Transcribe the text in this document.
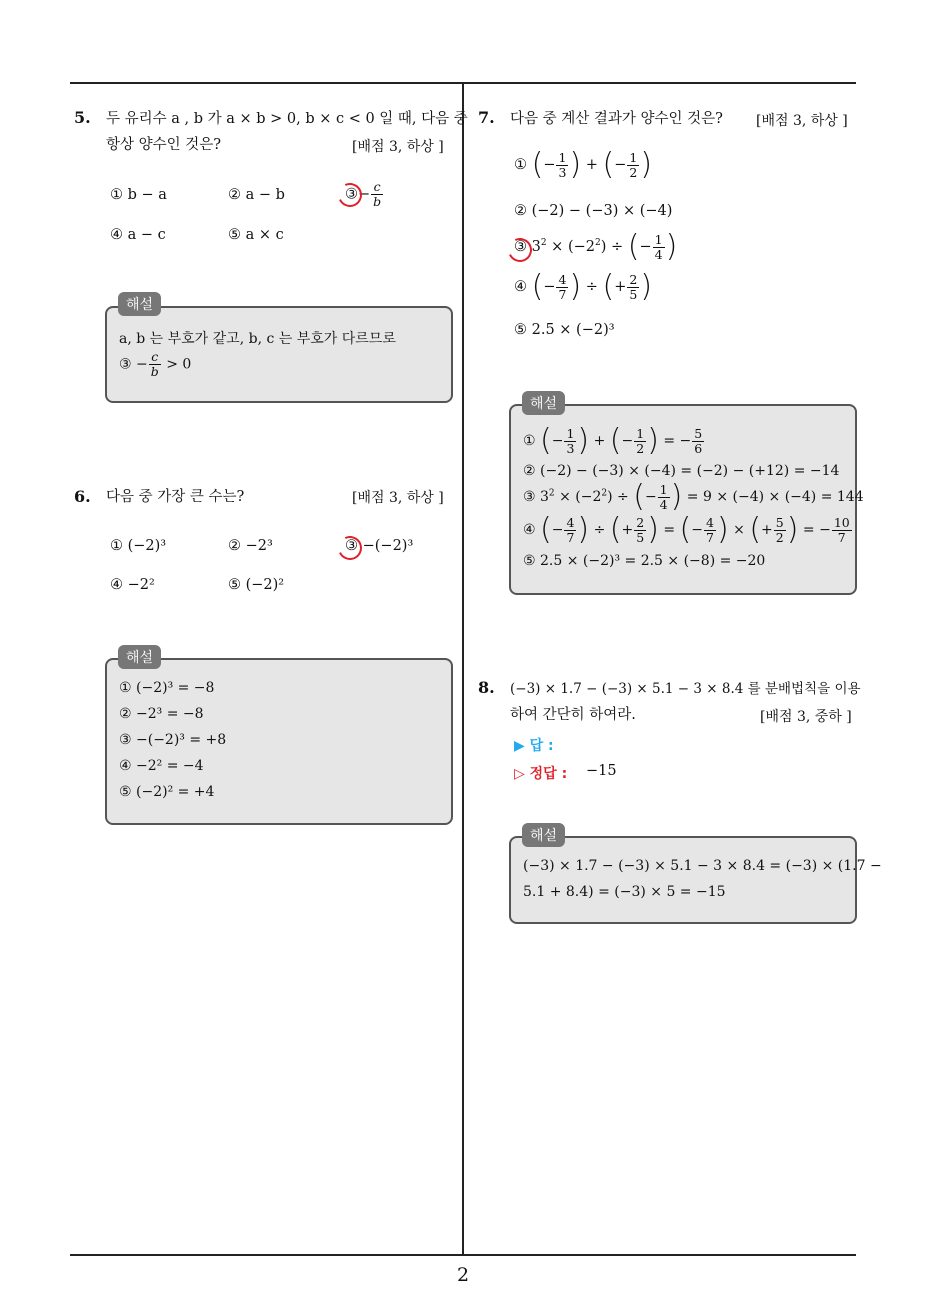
2
5. 두 유리수 a , b 가 a × b > 0, b × c < 0 일 때, 다음 중
항상 양수인 것은?	[배점 3, 하상 ]
① b − a	② a − b	③− $\frac{c}{b}$
④ a − c	⑤ a × c
a, b 는 부호가 같고, b, c 는 부호가 다르므로
③ − $\frac{c}{b} > 0$
해설
6. 다음 중 가장 큰 수는?	[배점 3, 하상 ]
① (−2)³	② −2³	③ −(−2)³
④ −2²	⑤ (−2)²
① (−2)³ = −8
② −2³ = −8
③ −(−2)³ = +8
④ −2² = −4
⑤ (−2)² = +4
해설
7. 다음 중 계산 결과가 양수인 것은? [배점 3, 하상 ]
① (− $\frac{1}{3}$ ) + (− $\frac{1}{2}$ )
② (−2) − (−3) × (−4)
③ $3^2 \times (-2^2)$ ÷ (− $\frac{1}{4}$ )
④ (− $\frac{4}{7}$ ) ÷ (+ $\frac{2}{5}$ )
⑤ 2.5 × (−2)³
① (− $\frac{1}{3}$ ) + (− $\frac{1}{2}$ ) = − $\frac{5}{6}$
② (−2) − (−3) × (−4) = (−2) − (+12) = −14
③ $3^2 \times (-2^2)$ ÷ (− $\frac{1}{4}$ ) = 9 × (−4) × (−4) = 144
④ (− $\frac{4}{7}$ ) ÷ (+ $\frac{2}{5}$ ) = (− $\frac{4}{7}$ ) × (+ $\frac{5}{2}$ ) = − $\frac{10}{7}$
⑤ 2.5 × (−2)³ = 2.5 × (−8) = −20
해설
8. (−3) × 1.7 − (−3) × 5.1 − 3 × 8.4 를 분배법칙을 이용
하여 간단히 하여라.	[배점 3, 중하 ]
▶ 답 :
▷ 정답 : −15
(−3) × 1.7 − (−3) × 5.1 − 3 × 8.4 = (−3) × (1.7 −
5.1 + 8.4) = (−3) × 5 = −15
해설
